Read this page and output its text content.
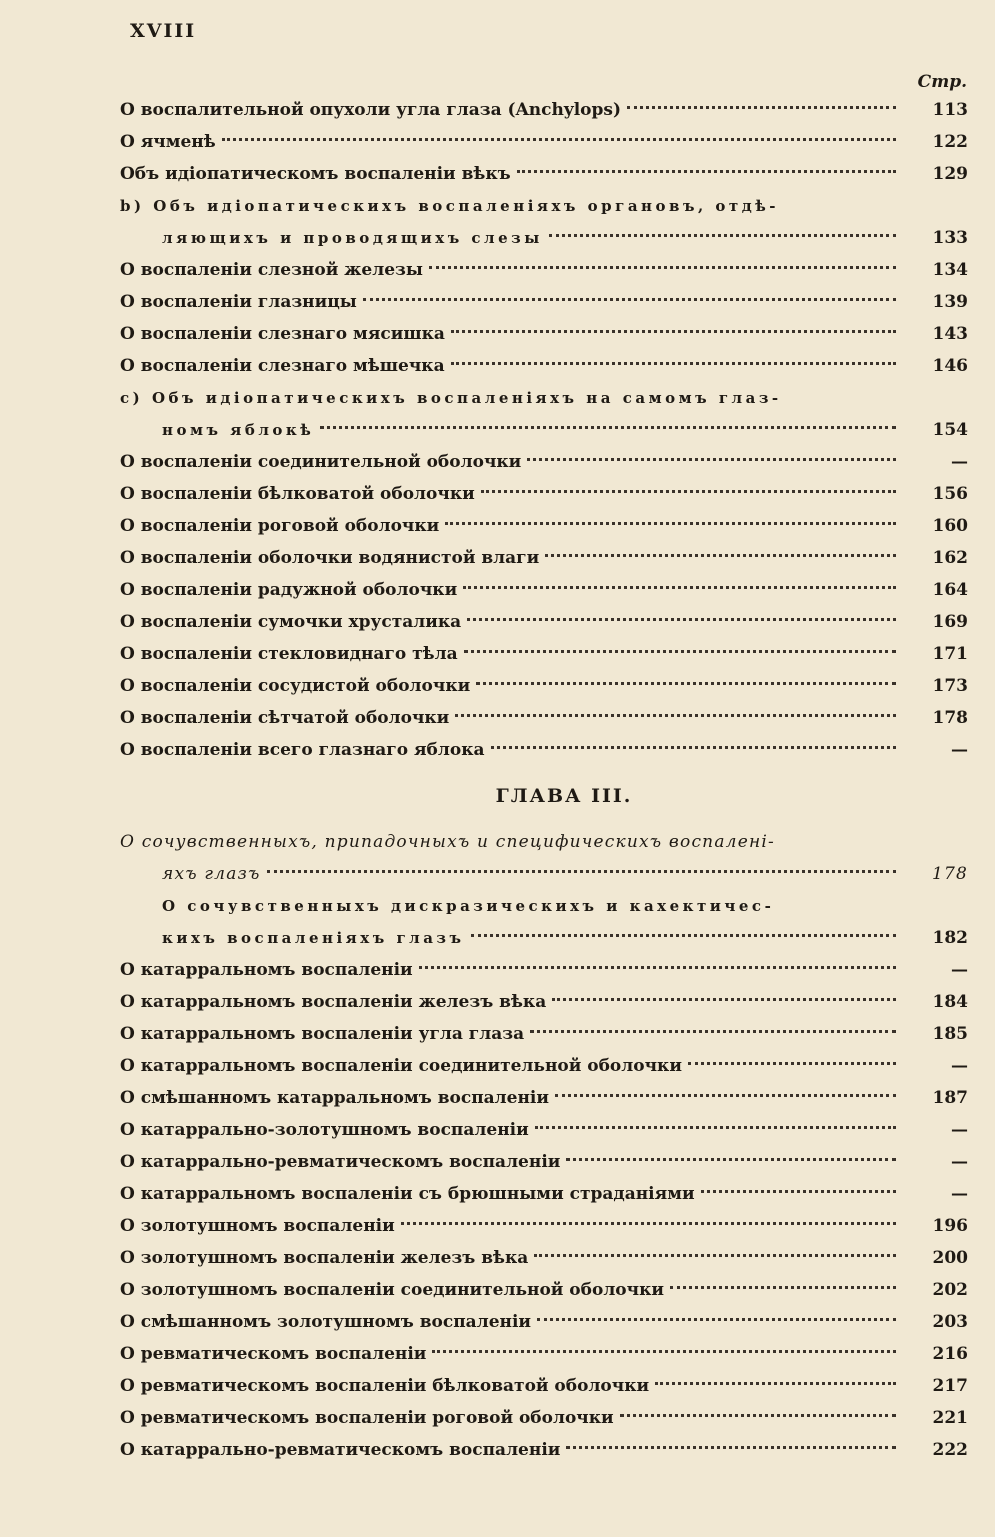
XVIII
Стр.
О воспалительной опухоли угла глаза (Anchylops)	113
О ячменѣ	122
Объ идіопатическомъ воспаленіи вѣкъ	129
b) Объ идіопатическихъ воспаленіяхъ органовъ, отдѣ-
ляющихъ и проводящихъ слезы	133
О воспаленіи слезной железы	134
О воспаленіи глазницы	139
О воспаленіи слезнаго мясишка	143
О воспаленіи слезнаго мѣшечка	146
c) Объ идіопатическихъ воспаленіяхъ на самомъ глаз-
номъ яблокѣ	154
О воспаленіи соединительной оболочки	—
О воспаленіи бѣлковатой оболочки	156
О воспаленіи роговой оболочки	160
О воспаленіи оболочки водянистой влаги	162
О воспаленіи радужной оболочки	164
О воспаленіи сумочки хрусталика	169
О воспаленіи стекловиднаго тѣла	171
О воспаленіи сосудистой оболочки	173
О воспаленіи сѣтчатой оболочки	178
О воспаленіи всего глазнаго яблока	—
ГЛАВА III.
О сочувственныхъ, припадочныхъ и специфическихъ воспалені-
яхъ глазъ	178
О сочувственныхъ дискразическихъ и кахектичес-
кихъ воспаленіяхъ глазъ	182
О катарральномъ воспаленіи	—
О катарральномъ воспаленіи железъ вѣка	184
О катарральномъ воспаленіи угла глаза	185
О катарральномъ воспаленіи соединительной оболочки	—
О смѣшанномъ катарральномъ воспаленіи	187
О катаррально-золотушномъ воспаленіи	—
О катаррально-ревматическомъ воспаленіи	—
О катарральномъ воспаленіи съ брюшными страданіями	—
О золотушномъ воспаленіи	196
О золотушномъ воспаленіи железъ вѣка	200
О золотушномъ воспаленіи соединительной оболочки	202
О смѣшанномъ золотушномъ воспаленіи	203
О ревматическомъ воспаленіи	216
О ревматическомъ воспаленіи бѣлковатой оболочки	217
О ревматическомъ воспаленіи роговой оболочки	221
О катаррально-ревматическомъ воспаленіи	222
